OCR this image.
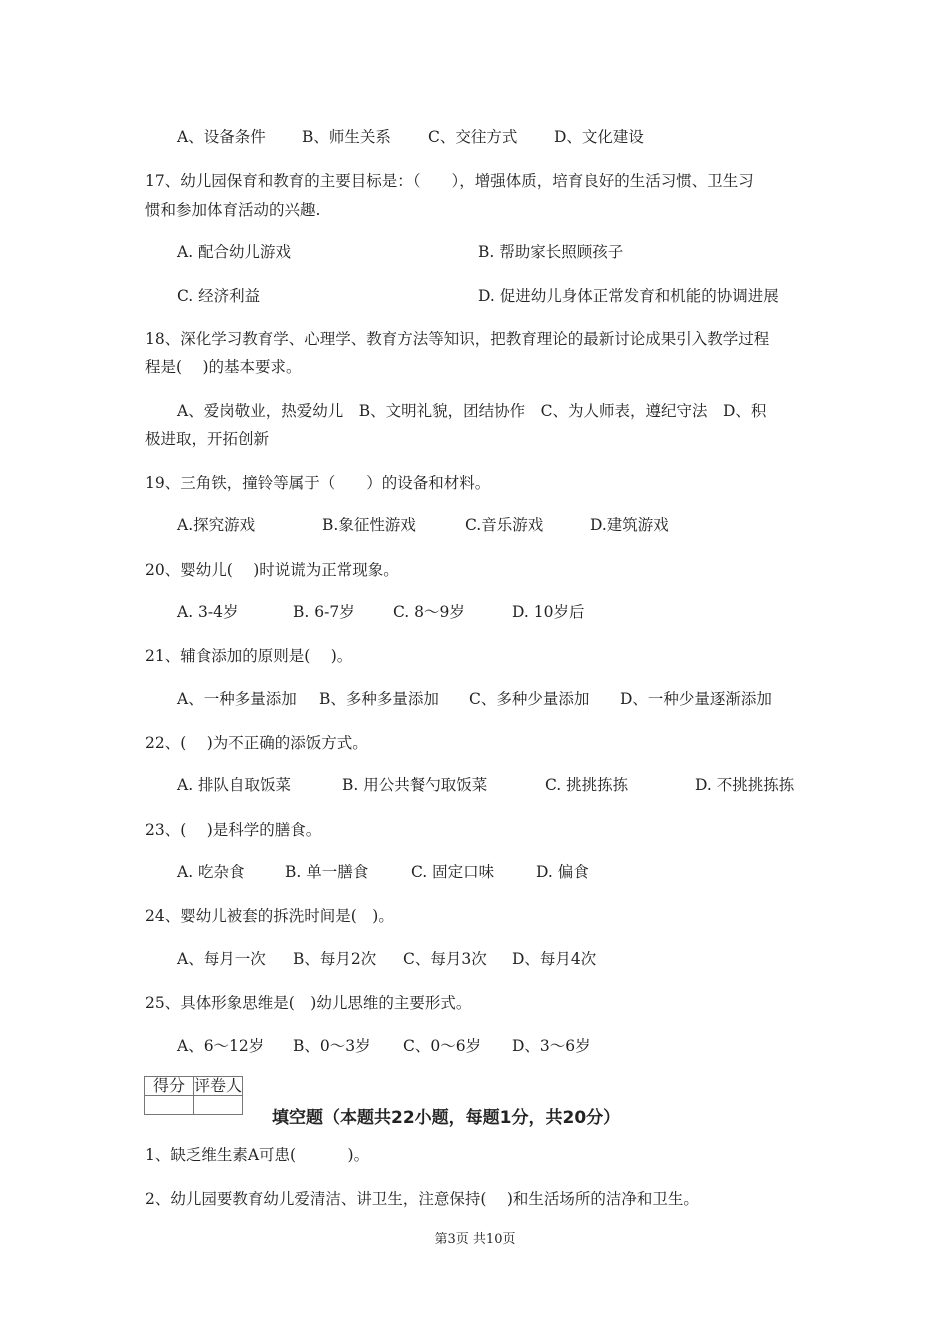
A、设备条件 B、师生关系 C、交往方式 D、文化建设
17、幼儿园保育和教育的主要目标是：（　　），增强体质，培育良好的生活习惯、卫生习
惯和参加体育活动的兴趣.
A. 配合幼儿游戏	B. 帮助家长照顾孩子
C. 经济利益	D. 促进幼儿身体正常发育和机能的协调进展
18、深化学习教育学、心理学、教育方法等知识，把教育理论的最新讨论成果引入教学过程
程是(　 )的基本要求。
A、爱岗敬业，热爱幼儿　B、文明礼貌，团结协作　C、为人师表，遵纪守法　D、积
极进取，开拓创新
19、三角铁，撞铃等属于（　　）的设备和材料。
A.探究游戏	B.象征性游戏	C.音乐游戏	D.建筑游戏
20、婴幼儿(　 )时说谎为正常现象。
A. 3-4岁	B. 6-7岁 C. 8～9岁	D. 10岁后
21、辅食添加的原则是(　 )。
A、一种多量添加 B、多种多量添加 C、多种少量添加 D、一种少量逐渐添加
22、(　 )为不正确的添饭方式。
A. 排队自取饭菜	B. 用公共餐勺取饭菜	C. 挑挑拣拣	D. 不挑挑拣拣
23、(　 )是科学的膳食。
A. 吃杂食	B. 单一膳食	C. 固定口味	D. 偏食
24、婴幼儿被套的拆洗时间是(　)。
A、每月一次 B、每月2次 C、每月3次 D、每月4次
25、具体形象思维是(　)幼儿思维的主要形式。
A、6～12岁 B、0～3岁 C、0～6岁 D、3～6岁
得分	评卷人

填空题（本题共22小题，每题1分，共20分）
1、缺乏维生素A可患(　　　 )。
2、幼儿园要教育幼儿爱清洁、讲卫生，注意保持(　 )和生活场所的洁净和卫生。
第3页 共10页
